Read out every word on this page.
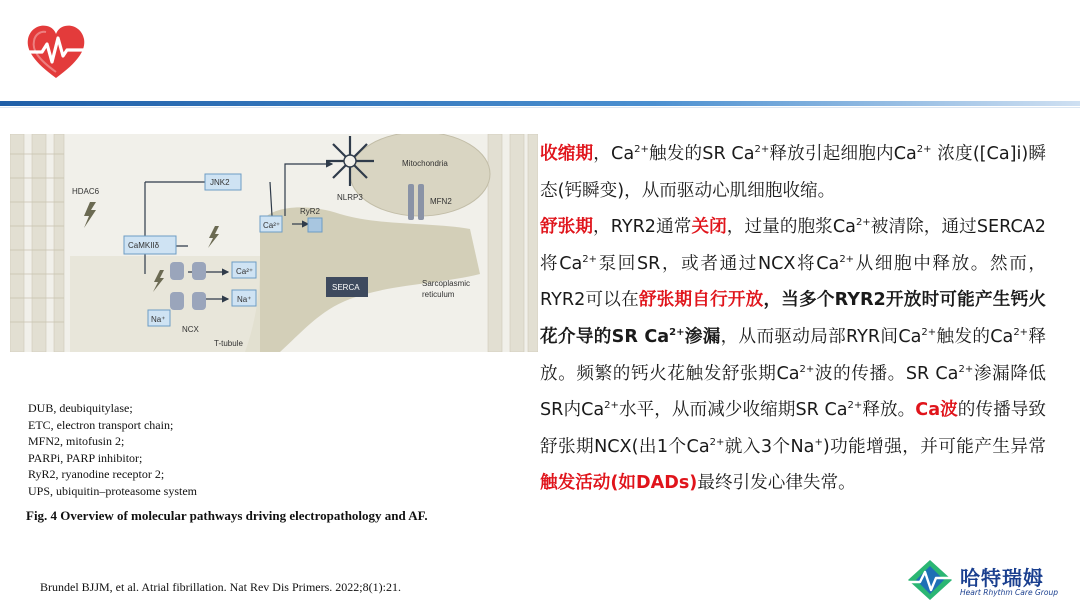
HDAC6
JNK2
NLRP3
Mitochondria
MFN2
RyR2
Ca²⁺
CaMKIIδ
Ca²⁺
Na⁺
Na⁺
NCX
SERCA	Sarcoplasmic
reticulum
T-tubule
DUB, deubiquitylase;
ETC, electron transport chain;
MFN2, mitofusin 2;
PARPi, PARP inhibitor;
RyR2, ryanodine receptor 2;
UPS, ubiquitin–proteasome system
Fig. 4 Overview of molecular pathways driving electropathology and AF.
Brundel BJJM, et al. Atrial fibrillation. Nat Rev Dis Primers. 2022;8(1):21.

收缩期，$Ca^{2+}$触发的SR $Ca^{2+}$释放引起细胞内$Ca^{2+}$ 浓度([Ca]i)瞬态(钙瞬变)，从而驱动心肌细胞收缩。

舒张期，RYR2通常关闭，过量的胞浆$Ca^{2+}$被清除，通过SERCA2将$Ca^{2+}$泵回SR，或者通过NCX将$Ca^{2+}$从细胞中释放。然而，RYR2可以在舒张期自行开放，当多个RYR2开放时可能产生钙火花介导的SR $Ca^{2+}$渗漏，从而驱动局部RYR间$Ca^{2+}$触发的$Ca^{2+}$释放。频繁的钙火花触发舒张期$Ca^{2+}$波的传播。SR $Ca^{2+}$渗漏降低SR内$Ca^{2+}$水平，从而减少收缩期SR $Ca^{2+}$释放。Ca波的传播导致舒张期NCX(出1个$Ca^{2+}$就入3个Na+)功能增强，并可能产生异常触发活动(如DADs)最终引发心律失常。

哈特瑞姆
Heart Rhythm Care Group
